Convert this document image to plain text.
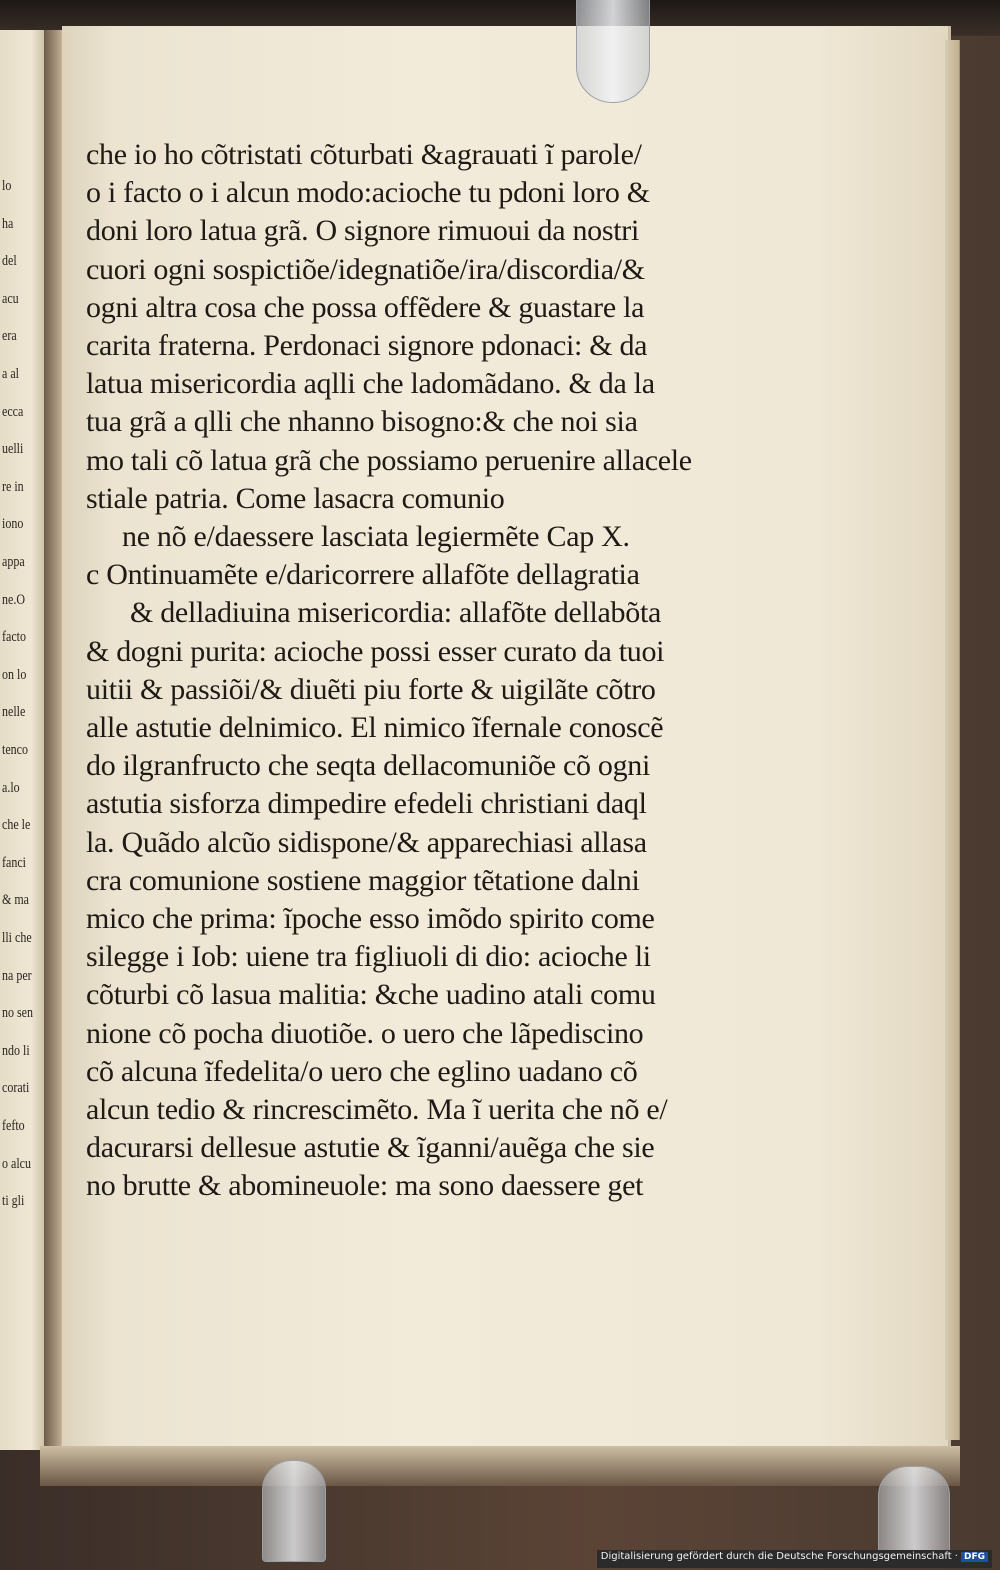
lo
ha
del
acu
era
a al
ecca
uelli
re in
iono
appa
ne.O
facto
on lo
nelle
tenco
a.lo
che le
fanci
& ma
lli che
na per
no sen
ndo li
corati
fefto
o alcu
ti gli
che io ho cõtristati cõturbati &agrauati ĩ parole/
o i facto o i alcun modo:acioche tu pdoni loro &
doni loro latua grã. O signore rimuoui da nostri
cuori ogni sospictiõe/idegnatiõe/ira/discordia/&
ogni altra cosa che possa offẽdere & guastare la
carita fraterna. Perdonaci signore pdonaci: & da
latua misericordia aqlli che ladomãdano. & da la
tua grã a qlli che nhanno bisogno:& che noi sia
mo tali cõ latua grã che possiamo peruenire allacele
stiale patria. Come lasacra comunio
ne nõ e/daessere lasciata legiermẽte Cap X.
c Ontinuamẽte e/daricorrere allafõte dellagratia
& delladiuina misericordia: allafõte dellabõta
& dogni purita: acioche possi esser curato da tuoi
uitii & passiõi/& diuẽti piu forte & uigilãte cõtro
alle astutie delnimico. El nimico ĩfernale conoscẽ
do ilgranfructo che seqta dellacomuniõe cõ ogni
astutia sisforza dimpedire efedeli christiani daql
la. Quãdo alcũo sidispone/& apparechiasi allasa
cra comunione sostiene maggior tẽtatione dalni
mico che prima: ĩpoche esso imõdo spirito come
silegge i Iob: uiene tra figliuoli di dio: acioche li
cõturbi cõ lasua malitia: &che uadino atali comu
nione cõ pocha diuotiõe. o uero che lãpediscino
cõ alcuna ĩfedelita/o uero che eglino uadano cõ
alcun tedio & rincrescimẽto. Ma ĩ uerita che nõ e/
dacurarsi dellesue astutie & ĩganni/auẽga che sie
no brutte & abomineuole: ma sono daessere get
Digitalisierung gefördert durch die Deutsche Forschungsgemeinschaft · DFG
